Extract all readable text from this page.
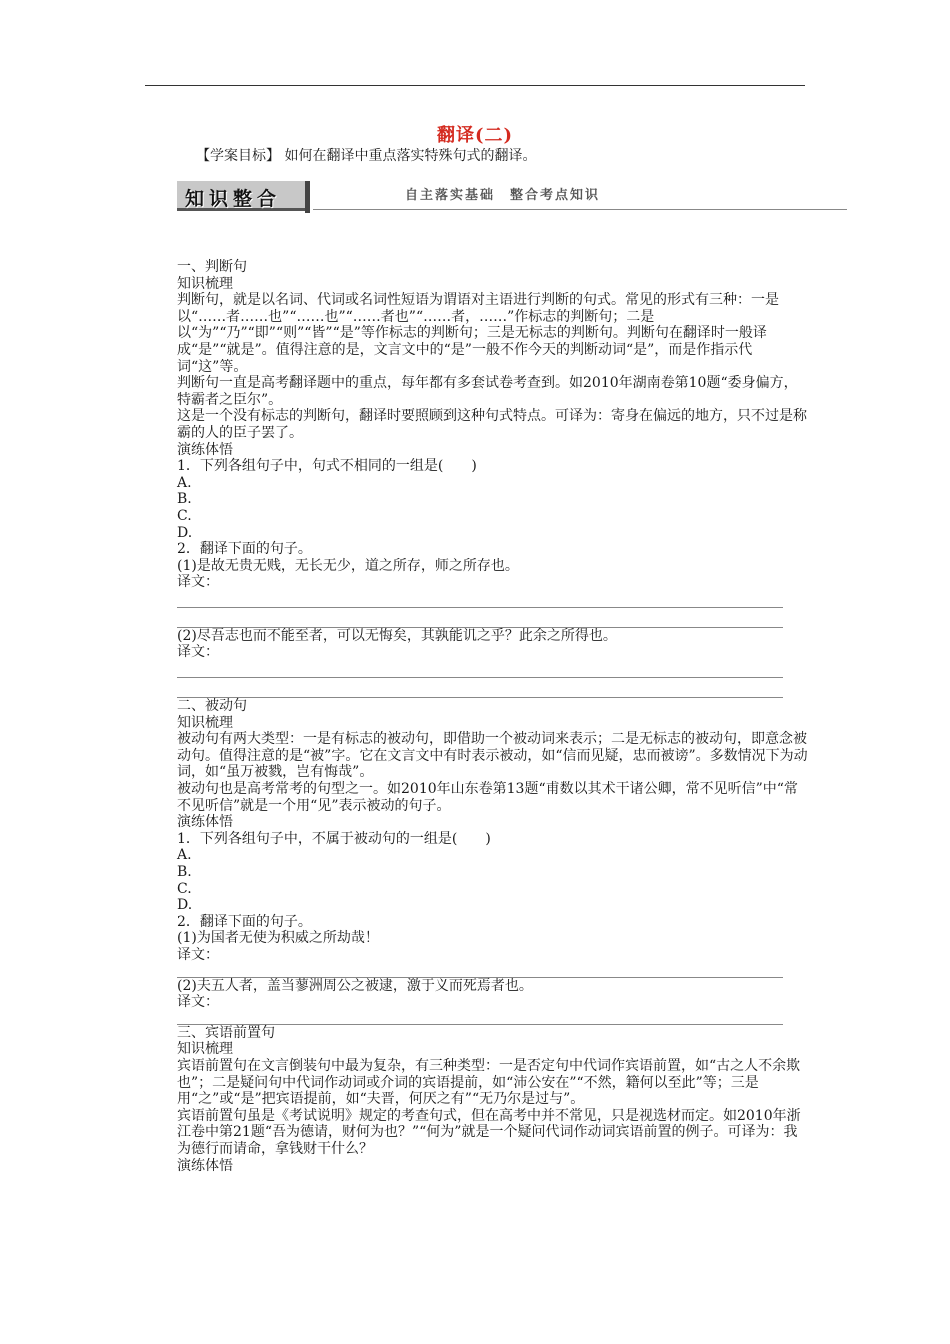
翻译(二)
【学案目标】 如何在翻译中重点落实特殊句式的翻译。
知识整合	自主落实基础　整合考点知识

一、判断句

知识梳理

判断句，就是以名词、代词或名词性短语为谓语对主语进行判断的句式。常见的形式有三种：一是以“……者……也”“……也”“……者也”“……者，……”作标志的判断句；二是以“为”“乃”“即”“则”“皆”“是”等作标志的判断句；三是无标志的判断句。判断句在翻译时一般译成“是”“就是”。值得注意的是，文言文中的“是”一般不作今天的判断动词“是”，而是作指示代词“这”等。

判断句一直是高考翻译题中的重点，每年都有多套试卷考查到。如2010年湖南卷第10题“委身偏方，特霸者之臣尔”。

这是一个没有标志的判断句，翻译时要照顾到这种句式特点。可译为：寄身在偏远的地方，只不过是称霸的人的臣子罢了。

演练体悟

1．下列各组句子中，句式不相同的一组是(　　)

A.

B.

C.

D.

2．翻译下面的句子。

(1)是故无贵无贱，无长无少，道之所存，师之所存也。

译文：

(2)尽吾志也而不能至者，可以无悔矣，其孰能讥之乎？此余之所得也。

译文：

二、被动句

知识梳理

被动句有两大类型：一是有标志的被动句，即借助一个被动词来表示；二是无标志的被动句，即意念被动句。值得注意的是“被”字。它在文言文中有时表示被动，如“信而见疑，忠而被谤”。多数情况下为动词，如“虽万被戮，岂有悔哉”。

被动句也是高考常考的句型之一。如2010年山东卷第13题“甫数以其术干诸公卿，常不见听信”中“常不见听信”就是一个用“见”表示被动的句子。

演练体悟

1．下列各组句子中，不属于被动句的一组是(　　)

A.

B.

C.

D.

2．翻译下面的句子。

(1)为国者无使为积威之所劫哉！

译文：

(2)夫五人者，盖当蓼洲周公之被逮，激于义而死焉者也。

译文：

三、宾语前置句

知识梳理

宾语前置句在文言倒装句中最为复杂，有三种类型：一是否定句中代词作宾语前置，如“古之人不余欺也”；二是疑问句中代词作动词或介词的宾语提前，如“沛公安在”“不然，籍何以至此”等；三是用“之”或“是”把宾语提前，如“夫晋，何厌之有”“无乃尔是过与”。

宾语前置句虽是《考试说明》规定的考查句式，但在高考中并不常见，只是视选材而定。如2010年浙江卷中第21题“吾为德请，财何为也？”“何为”就是一个疑问代词作动词宾语前置的例子。可译为：我为德行而请命，拿钱财干什么？

演练体悟
